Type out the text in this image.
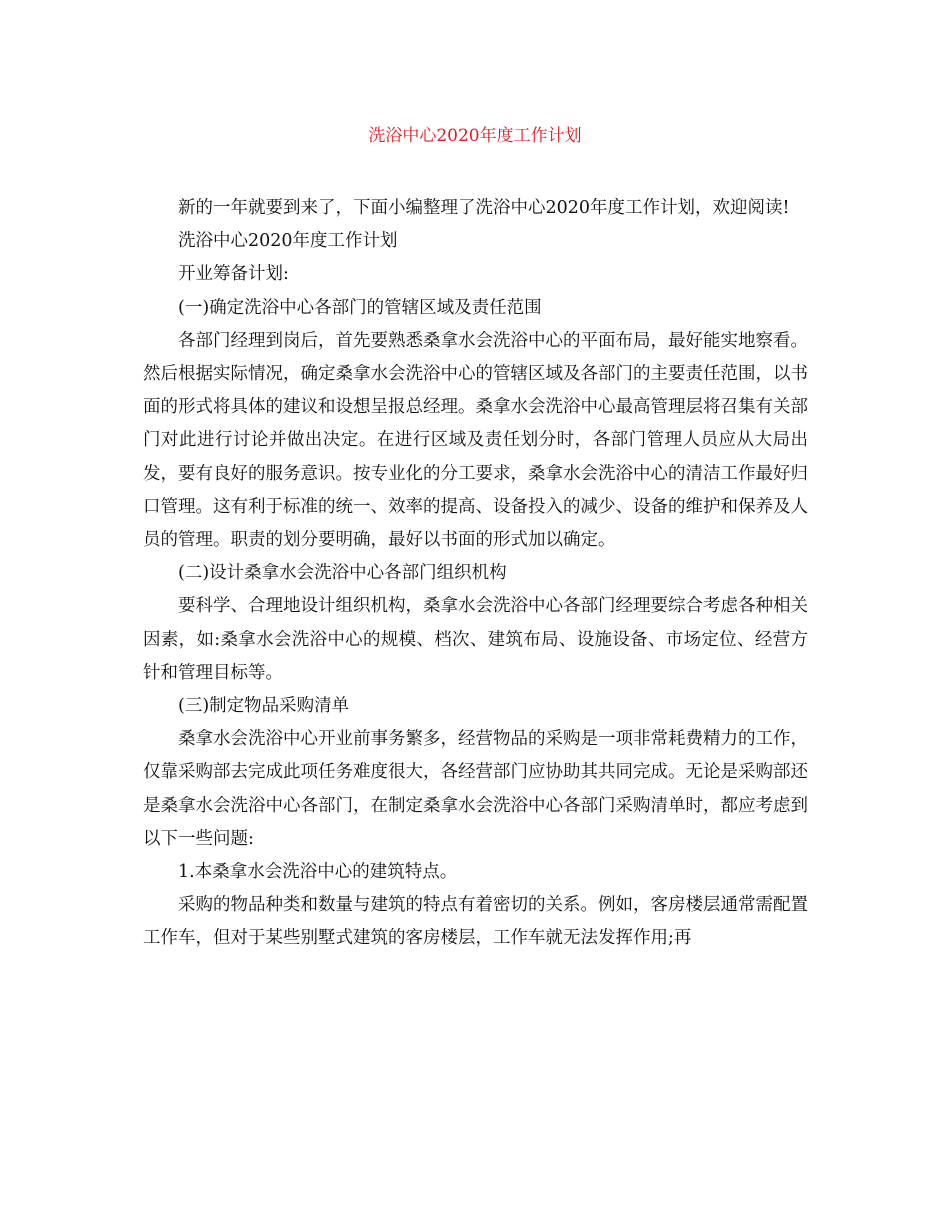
洗浴中心2020年度工作计划

新的一年就要到来了，下面小编整理了洗浴中心2020年度工作计划，欢迎阅读!

洗浴中心2020年度工作计划

开业筹备计划:

(一)确定洗浴中心各部门的管辖区域及责任范围

各部门经理到岗后，首先要熟悉桑拿水会洗浴中心的平面布局，最好能实地察看。然后根据实际情况，确定桑拿水会洗浴中心的管辖区域及各部门的主要责任范围，以书面的形式将具体的建议和设想呈报总经理。桑拿水会洗浴中心最高管理层将召集有关部门对此进行讨论并做出决定。在进行区域及责任划分时，各部门管理人员应从大局出发，要有良好的服务意识。按专业化的分工要求，桑拿水会洗浴中心的清洁工作最好归口管理。这有利于标准的统一、效率的提高、设备投入的减少、设备的维护和保养及人员的管理。职责的划分要明确，最好以书面的形式加以确定。

(二)设计桑拿水会洗浴中心各部门组织机构

要科学、合理地设计组织机构，桑拿水会洗浴中心各部门经理要综合考虑各种相关因素，如:桑拿水会洗浴中心的规模、档次、建筑布局、设施设备、市场定位、经营方针和管理目标等。

(三)制定物品采购清单

桑拿水会洗浴中心开业前事务繁多，经营物品的采购是一项非常耗费精力的工作，仅靠采购部去完成此项任务难度很大，各经营部门应协助其共同完成。无论是采购部还是桑拿水会洗浴中心各部门，在制定桑拿水会洗浴中心各部门采购清单时，都应考虑到以下一些问题:

1.本桑拿水会洗浴中心的建筑特点。

采购的物品种类和数量与建筑的特点有着密切的关系。例如，客房楼层通常需配置工作车，但对于某些别墅式建筑的客房楼层，工作车就无法发挥作用;再
